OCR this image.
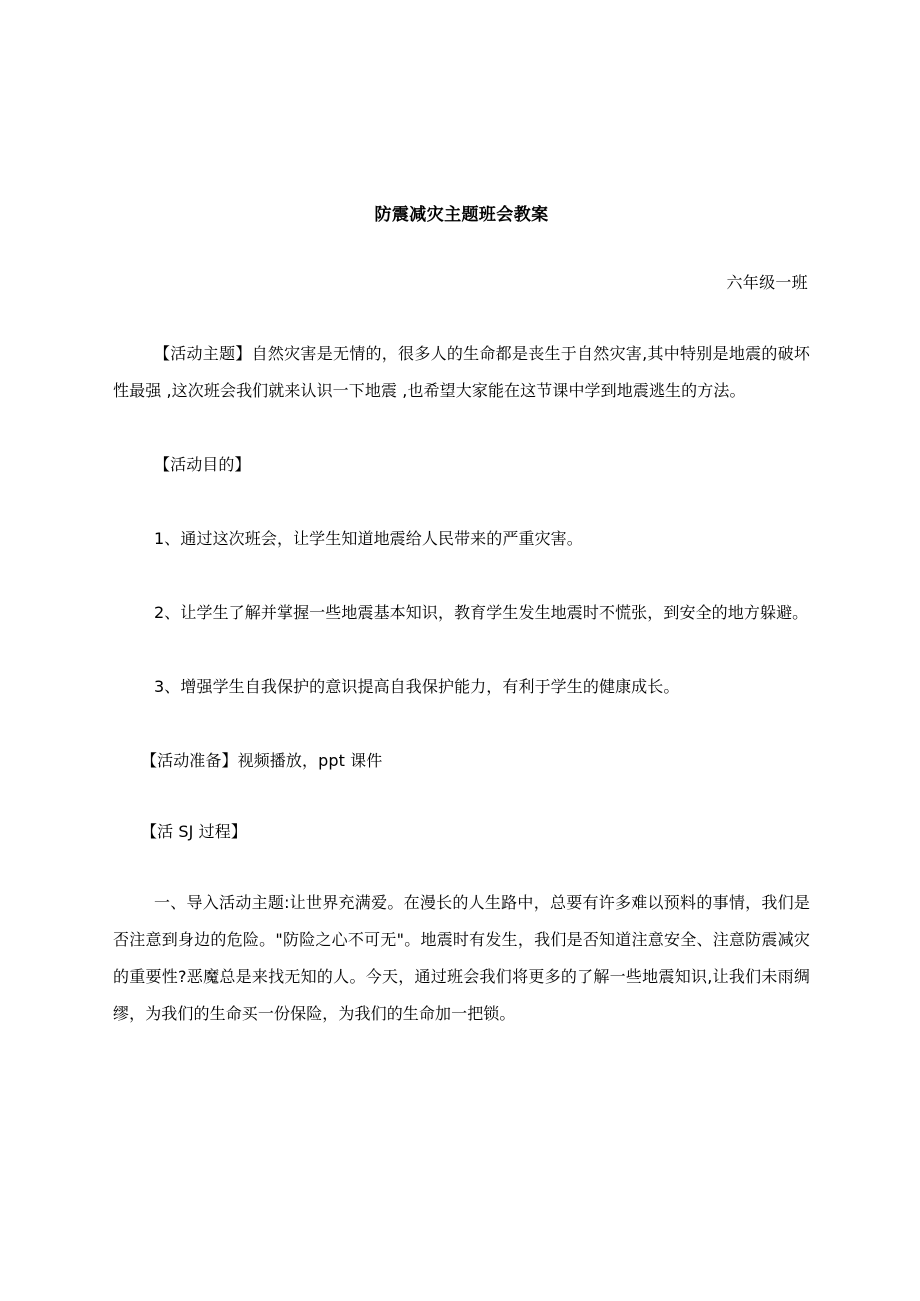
防震减灾主题班会教案

六年级一班

【活动主题】自然灾害是无情的，很多人的生命都是丧生于自然灾害,其中特别是地震的破坏性最强 ,这次班会我们就来认识一下地震 ,也希望大家能在这节课中学到地震逃生的方法。

【活动目的】

1、通过这次班会，让学生知道地震给人民带来的严重灾害。

2、让学生了解并掌握一些地震基本知识，教育学生发生地震时不慌张，到安全的地方躲避。

3、增强学生自我保护的意识提高自我保护能力，有利于学生的健康成长。

【活动准备】视频播放，ppt 课件

【活 SJ 过程】

一、导入活动主题:让世界充满爱。在漫长的人生路中，总要有许多难以预料的事情，我们是否注意到身边的危险。"防险之心不可无"。地震时有发生，我们是否知道注意安全、注意防震减灾的重要性?恶魔总是来找无知的人。今天，通过班会我们将更多的了解一些地震知识,让我们未雨绸缪，为我们的生命买一份保险，为我们的生命加一把锁。
